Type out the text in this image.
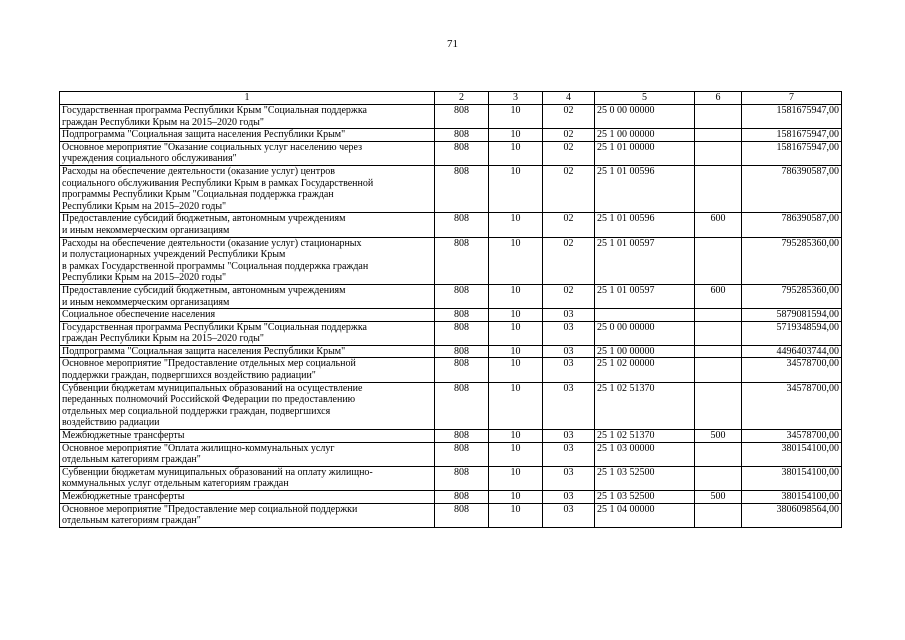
71
1	2	3	4	5	6	7
Государственная программа Республики Крым "Социальная поддержка
граждан Республики Крым на 2015–2020 годы"	808	10	02	25 0 00 00000		1581675947,00
Подпрограмма "Социальная защита населения Республики Крым"	808	10	02	25 1 00 00000		1581675947,00
Основное мероприятие "Оказание социальных услуг населению через
учреждения социального обслуживания"	808	10	02	25 1 01 00000		1581675947,00
Расходы на обеспечение деятельности (оказание услуг) центров
социального обслуживания Республики Крым в рамках Государственной
программы Республики Крым "Социальная поддержка граждан
Республики Крым на 2015–2020 годы"	808	10	02	25 1 01 00596		786390587,00
Предоставление субсидий бюджетным, автономным учреждениям
и иным некоммерческим организациям	808	10	02	25 1 01 00596	600	786390587,00
Расходы на обеспечение деятельности (оказание услуг) стационарных
и полустационарных учреждений Республики Крым
в рамках Государственной программы "Социальная поддержка граждан
Республики Крым на 2015–2020 годы"	808	10	02	25 1 01 00597		795285360,00
Предоставление субсидий бюджетным, автономным учреждениям
и иным некоммерческим организациям	808	10	02	25 1 01 00597	600	795285360,00
Социальное обеспечение населения	808	10	03			5879081594,00
Государственная программа Республики Крым "Социальная поддержка
граждан Республики Крым на 2015–2020 годы"	808	10	03	25 0 00 00000		5719348594,00
Подпрограмма "Социальная защита населения Республики Крым"	808	10	03	25 1 00 00000		4496403744,00
Основное мероприятие "Предоставление отдельных мер социальной
поддержки граждан, подвергшихся воздействию радиации"	808	10	03	25 1 02 00000		34578700,00
Субвенции бюджетам муниципальных образований на осуществление
переданных полномочий Российской Федерации по предоставлению
отдельных мер социальной поддержки граждан, подвергшихся
воздействию радиации	808	10	03	25 1 02 51370		34578700,00
Межбюджетные трансферты	808	10	03	25 1 02 51370	500	34578700,00
Основное мероприятие "Оплата жилищно-коммунальных услуг
отдельным категориям граждан"	808	10	03	25 1 03 00000		380154100,00
Субвенции бюджетам муниципальных образований на оплату жилищно-
коммунальных услуг отдельным категориям граждан	808	10	03	25 1 03 52500		380154100,00
Межбюджетные трансферты	808	10	03	25 1 03 52500	500	380154100,00
Основное мероприятие "Предоставление мер социальной поддержки
отдельным категориям граждан"	808	10	03	25 1 04 00000		3806098564,00
